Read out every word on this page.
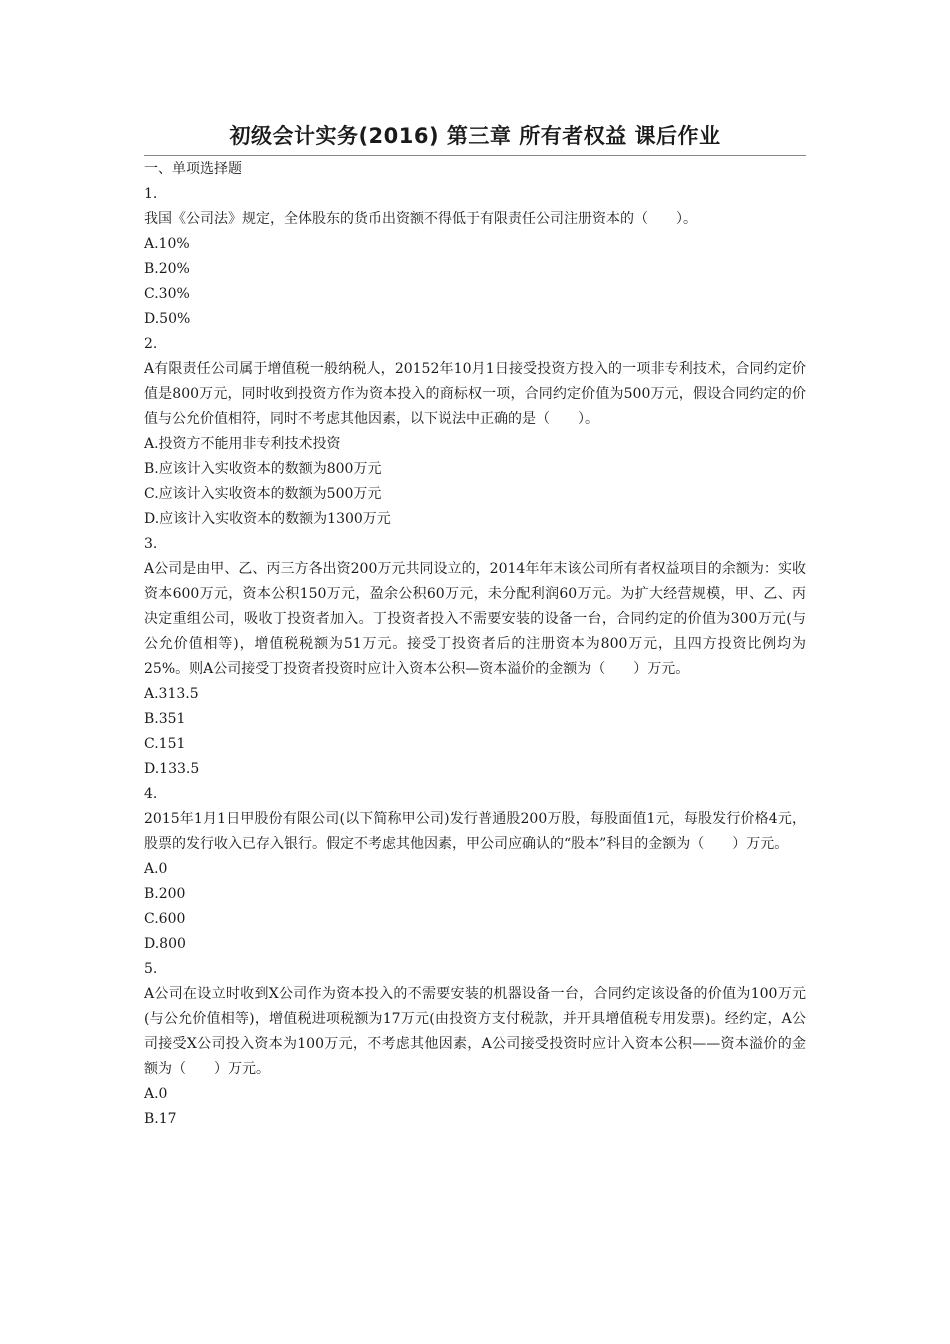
初级会计实务(2016) 第三章 所有者权益 课后作业
一、单项选择题
1.
我国《公司法》规定，全体股东的货币出资额不得低于有限责任公司注册资本的（　　）。
A.10%
B.20%
C.30%
D.50%
2.
A有限责任公司属于增值税一般纳税人，20152年10月1日接受投资方投入的一项非专利技术，合同约定价值是800万元，同时收到投资方作为资本投入的商标权一项，合同约定价值为500万元，假设合同约定的价值与公允价值相符，同时不考虑其他因素，以下说法中正确的是（　　）。
A.投资方不能用非专利技术投资
B.应该计入实收资本的数额为800万元
C.应该计入实收资本的数额为500万元
D.应该计入实收资本的数额为1300万元
3.
A公司是由甲、乙、丙三方各出资200万元共同设立的，2014年年末该公司所有者权益项目的余额为：实收资本600万元，资本公积150万元，盈余公积60万元，未分配利润60万元。为扩大经营规模，甲、乙、丙决定重组公司，吸收丁投资者加入。丁投资者投入不需要安装的设备一台，合同约定的价值为300万元(与公允价值相等)，增值税税额为51万元。接受丁投资者后的注册资本为800万元，且四方投资比例均为25%。则A公司接受丁投资者投资时应计入资本公积—资本溢价的金额为（　　）万元。
A.313.5
B.351
C.151
D.133.5
4.
2015年1月1日甲股份有限公司(以下简称甲公司)发行普通股200万股，每股面值1元，每股发行价格4元，股票的发行收入已存入银行。假定不考虑其他因素，甲公司应确认的“股本”科目的金额为（　　）万元。
A.0
B.200
C.600
D.800
5.
A公司在设立时收到X公司作为资本投入的不需要安装的机器设备一台，合同约定该设备的价值为100万元(与公允价值相等)，增值税进项税额为17万元(由投资方支付税款，并开具增值税专用发票)。经约定，A公司接受X公司投入资本为100万元，不考虑其他因素，A公司接受投资时应计入资本公积——资本溢价的金额为（　　）万元。
A.0
B.17
